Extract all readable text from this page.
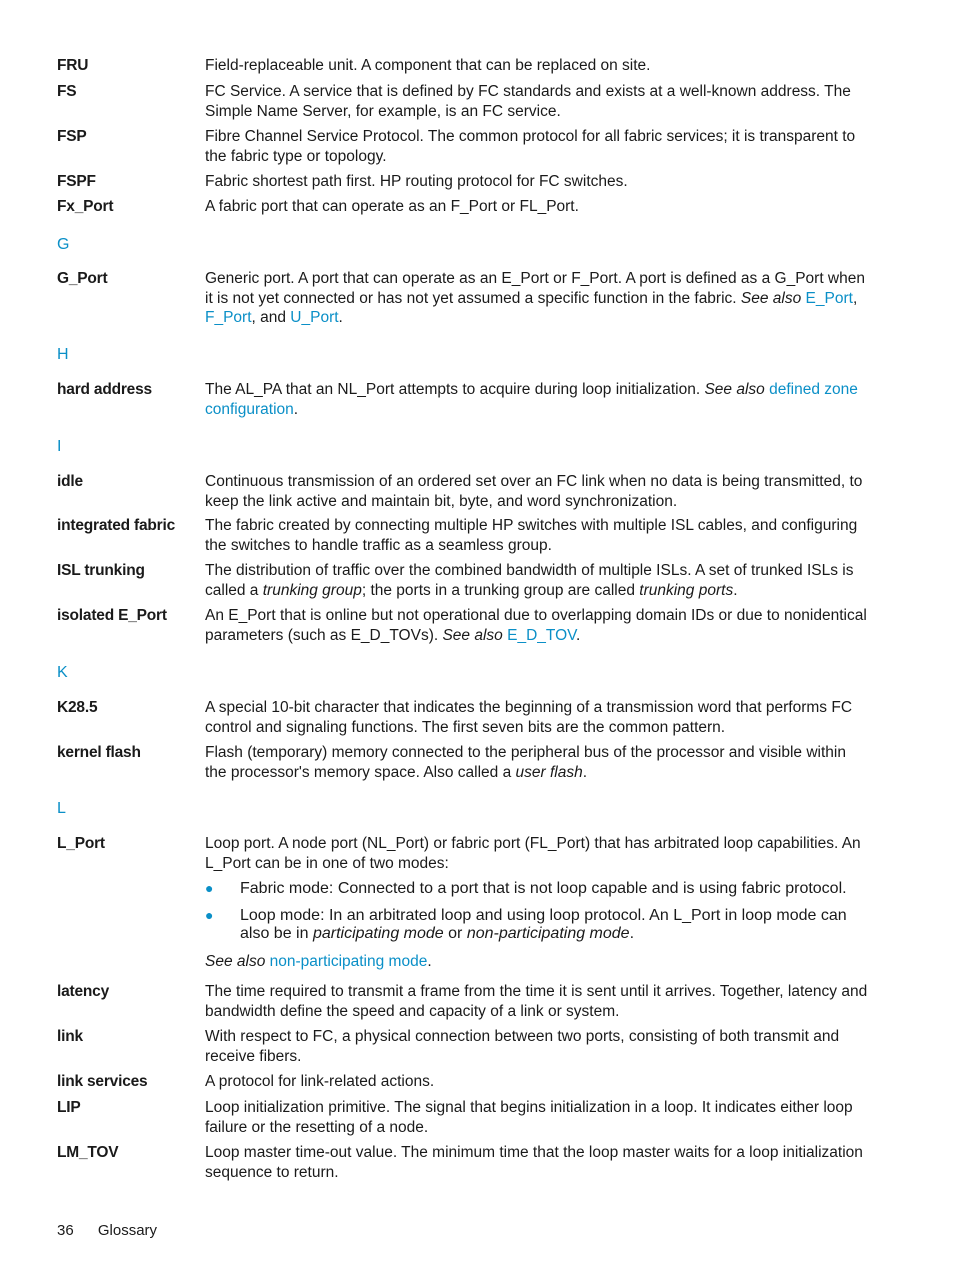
FRU	Field-replaceable unit. A component that can be replaced on site.
FS	FC Service. A service that is defined by FC standards and exists at a well-known address. The Simple Name Server, for example, is an FC service.
FSP	Fibre Channel Service Protocol. The common protocol for all fabric services; it is transparent to the fabric type or topology.
FSPF	Fabric shortest path first. HP routing protocol for FC switches.
Fx_Port	A fabric port that can operate as an F_Port or FL_Port.
G
G_Port	Generic port. A port that can operate as an E_Port or F_Port. A port is defined as a G_Port when it is not yet connected or has not yet assumed a specific function in the fabric. See also E_Port, F_Port, and U_Port.
H
hard address	The AL_PA that an NL_Port attempts to acquire during loop initialization. See also defined zone configuration.
I
idle	Continuous transmission of an ordered set over an FC link when no data is being transmitted, to keep the link active and maintain bit, byte, and word synchronization.
integrated fabric	The fabric created by connecting multiple HP switches with multiple ISL cables, and configuring the switches to handle traffic as a seamless group.
ISL trunking	The distribution of traffic over the combined bandwidth of multiple ISLs. A set of trunked ISLs is called a trunking group; the ports in a trunking group are called trunking ports.
isolated E_Port	An E_Port that is online but not operational due to overlapping domain IDs or due to nonidentical parameters (such as E_D_TOVs). See also E_D_TOV.
K
K28.5	A special 10-bit character that indicates the beginning of a transmission word that performs FC control and signaling functions. The first seven bits are the common pattern.
kernel flash	Flash (temporary) memory connected to the peripheral bus of the processor and visible within the processor's memory space. Also called a user flash.
L
L_Port	Loop port. A node port (NL_Port) or fabric port (FL_Port) that has arbitrated loop capabilities. An L_Port can be in one of two modes:
● Fabric mode: Connected to a port that is not loop capable and is using fabric protocol.
● Loop mode: In an arbitrated loop and using loop protocol. An L_Port in loop mode can also be in participating mode or non-participating mode.
See also non-participating mode.
latency	The time required to transmit a frame from the time it is sent until it arrives. Together, latency and bandwidth define the speed and capacity of a link or system.
link	With respect to FC, a physical connection between two ports, consisting of both transmit and receive fibers.
link services	A protocol for link-related actions.
LIP	Loop initialization primitive. The signal that begins initialization in a loop. It indicates either loop failure or the resetting of a node.
LM_TOV	Loop master time-out value. The minimum time that the loop master waits for a loop initialization sequence to return.
36 Glossary
